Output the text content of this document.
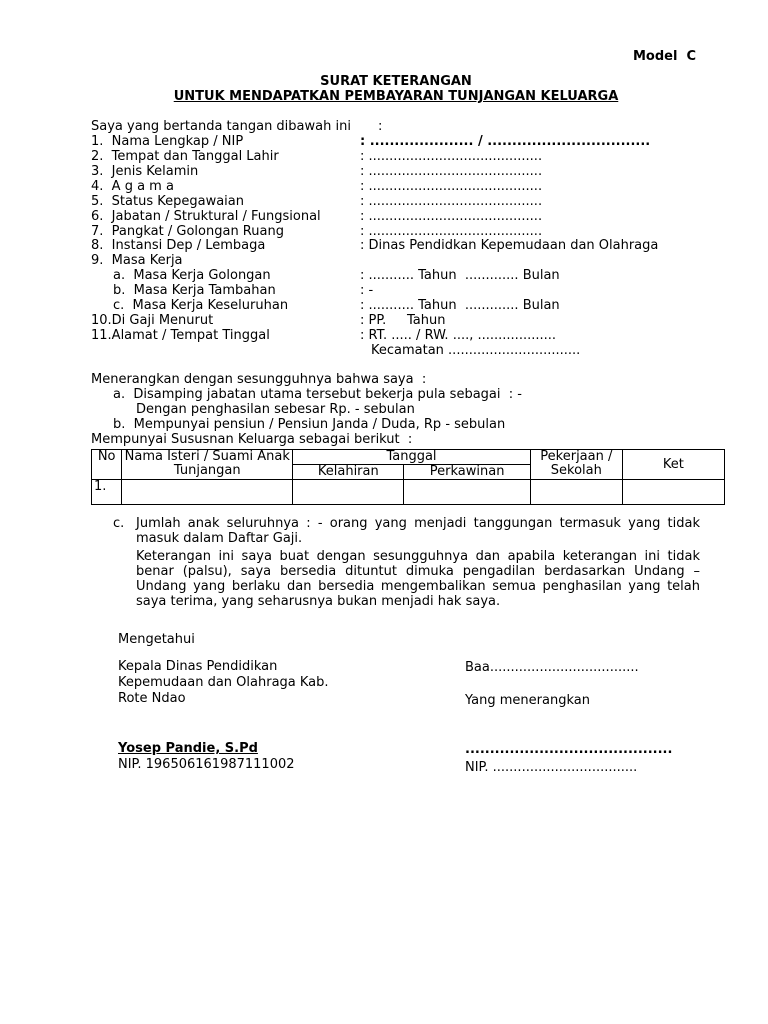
Model  C
SURAT KETERANGAN
UNTUK MENDAPATKAN PEMBAYARAN TUNJANGAN KELUARGA
Saya yang bertanda tangan dibawah ini :
1.  Nama Lengkap / NIP	: ..................... / .................................
2.  Tempat dan Tanggal Lahir	: ..........................................
3.  Jenis Kelamin	: ..........................................
4.  A g a m a	: ..........................................
5.  Status Kepegawaian	: ..........................................
6.  Jabatan / Struktural / Fungsional	: ..........................................
7.  Pangkat / Golongan Ruang	: ..........................................
8.  Instansi Dep / Lembaga	: Dinas Pendidkan Kepemudaan dan Olahraga
9.  Masa Kerja
a.  Masa Kerja Golongan	: ........... Tahun  ............. Bulan
b.  Masa Kerja Tambahan	: -
c.  Masa Kerja Keseluruhan	: ........... Tahun  ............. Bulan
10.Di Gaji Menurut	: PP.     Tahun
11.Alamat / Tempat Tinggal	: RT. ..... / RW. ...., ...................
Kecamatan ................................
Menerangkan dengan sesungguhnya bahwa saya  :
a.  Disamping jabatan utama tersebut bekerja pula sebagai  : -
Dengan penghasilan sebesar Rp. - sebulan
b.  Mempunyai pensiun / Pensiun Janda / Duda, Rp - sebulan
Mempunyai Sususnan Keluarga sebagai berikut  :
No	Nama Isteri / Suami Anak Tunjangan	Tanggal		Pekerjaan / Sekolah	Ket
		Kelahiran	Perkawinan		
1.					
c. Jumlah anak seluruhnya : - orang yang menjadi tanggungan termasuk yang tidak masuk dalam Daftar Gaji.
Keterangan ini saya buat dengan sesungguhnya dan apabila keterangan ini tidak benar (palsu), saya bersedia dituntut dimuka pengadilan berdasarkan Undang – Undang yang berlaku dan bersedia mengembalikan semua penghasilan yang telah saya terima, yang seharusnya bukan menjadi hak saya.
Mengetahui
Kepala Dinas Pendidikan
Kepemudaan dan Olahraga Kab.
Rote Ndao
Yosep Pandie, S.Pd
NIP. 196506161987111002
Baa....................................
Yang menerangkan
..........................................
NIP. ...................................
